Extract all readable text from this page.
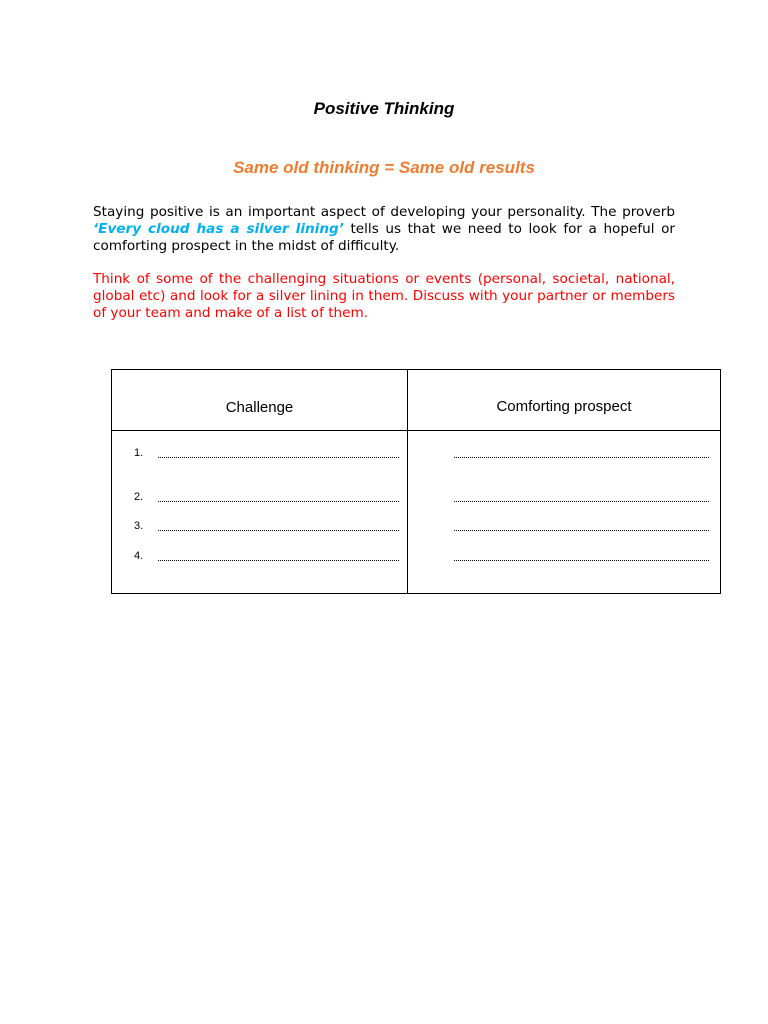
Positive Thinking
Same old thinking = Same old results

Staying positive is an important aspect of developing your personality. The proverb ‘Every cloud has a silver lining’ tells us that we need to look for a hopeful or comforting prospect in the midst of difficulty.

Think of some of the challenging situations or events (personal, societal, national, global etc) and look for a silver lining in them. Discuss with your partner or members of your team and make of a list of them.

Challenge	Comforting prospect
1.
2.
3.
4.
